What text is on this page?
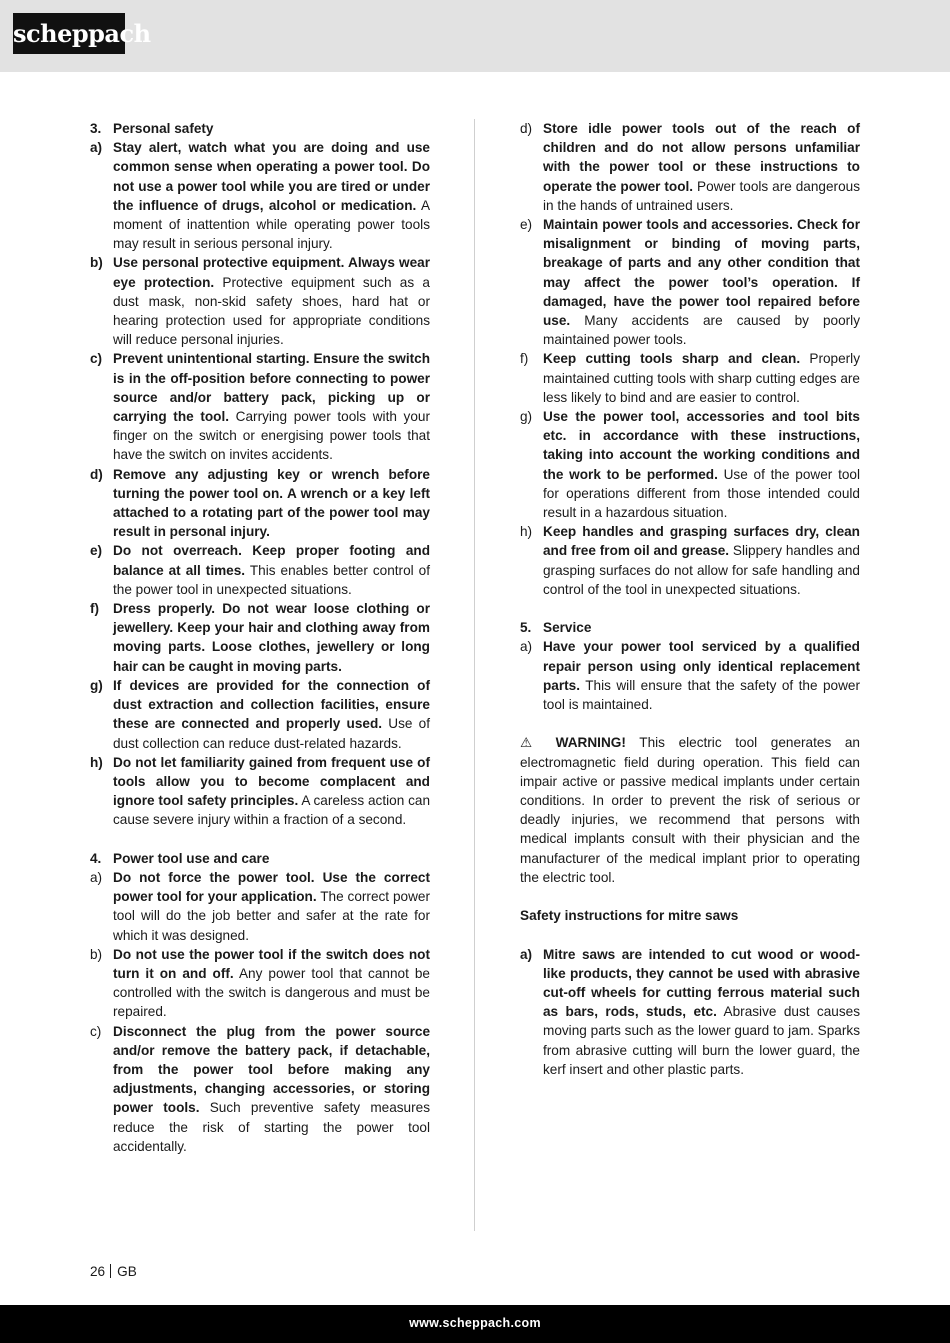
scheppach
3. Personal safety
a) Stay alert, watch what you are doing and use common sense when operating a power tool. Do not use a power tool while you are tired or under the influence of drugs, alcohol or medication. A moment of inattention while operating power tools may result in serious personal injury.
b) Use personal protective equipment. Always wear eye protection. Protective equipment such as a dust mask, non-skid safety shoes, hard hat or hearing protection used for appropriate conditions will reduce personal injuries.
c) Prevent unintentional starting. Ensure the switch is in the off-position before connecting to power source and/or battery pack, picking up or carrying the tool. Carrying power tools with your finger on the switch or energising power tools that have the switch on invites accidents.
d) Remove any adjusting key or wrench before turning the power tool on. A wrench or a key left attached to a rotating part of the power tool may result in personal injury.
e) Do not overreach. Keep proper footing and balance at all times. This enables better control of the power tool in unexpected situations.
f) Dress properly. Do not wear loose clothing or jewellery. Keep your hair and clothing away from moving parts. Loose clothes, jewellery or long hair can be caught in moving parts.
g) If devices are provided for the connection of dust extraction and collection facilities, ensure these are connected and properly used. Use of dust collection can reduce dust-related hazards.
h) Do not let familiarity gained from frequent use of tools allow you to become complacent and ignore tool safety principles. A careless action can cause severe injury within a fraction of a second.
4. Power tool use and care
a) Do not force the power tool. Use the correct power tool for your application. The correct power tool will do the job better and safer at the rate for which it was designed.
b) Do not use the power tool if the switch does not turn it on and off. Any power tool that cannot be controlled with the switch is dangerous and must be repaired.
c) Disconnect the plug from the power source and/or remove the battery pack, if detachable, from the power tool before making any adjustments, changing accessories, or storing power tools. Such preventive safety measures reduce the risk of starting the power tool accidentally.
d) Store idle power tools out of the reach of children and do not allow persons unfamiliar with the power tool or these instructions to operate the power tool. Power tools are dangerous in the hands of untrained users.
e) Maintain power tools and accessories. Check for misalignment or binding of moving parts, breakage of parts and any other condition that may affect the power tool’s operation. If damaged, have the power tool repaired before use. Many accidents are caused by poorly maintained power tools.
f) Keep cutting tools sharp and clean. Properly maintained cutting tools with sharp cutting edges are less likely to bind and are easier to control.
g) Use the power tool, accessories and tool bits etc. in accordance with these instructions, taking into account the working conditions and the work to be performed. Use of the power tool for operations different from those intended could result in a hazardous situation.
h) Keep handles and grasping surfaces dry, clean and free from oil and grease. Slippery handles and grasping surfaces do not allow for safe handling and control of the tool in unexpected situations.
5. Service
a) Have your power tool serviced by a qualified repair person using only identical replacement parts. This will ensure that the safety of the power tool is maintained.
⚠ WARNING! This electric tool generates an electromagnetic field during operation. This field can impair active or passive medical implants under certain conditions. In order to prevent the risk of serious or deadly injuries, we recommend that persons with medical implants consult with their physician and the manufacturer of the medical implant prior to operating the electric tool.
Safety instructions for mitre saws
a) Mitre saws are intended to cut wood or wood-like products, they cannot be used with abrasive cut-off wheels for cutting ferrous material such as bars, rods, studs, etc. Abrasive dust causes moving parts such as the lower guard to jam. Sparks from abrasive cutting will burn the lower guard, the kerf insert and other plastic parts.
26 GB
www.scheppach.com
